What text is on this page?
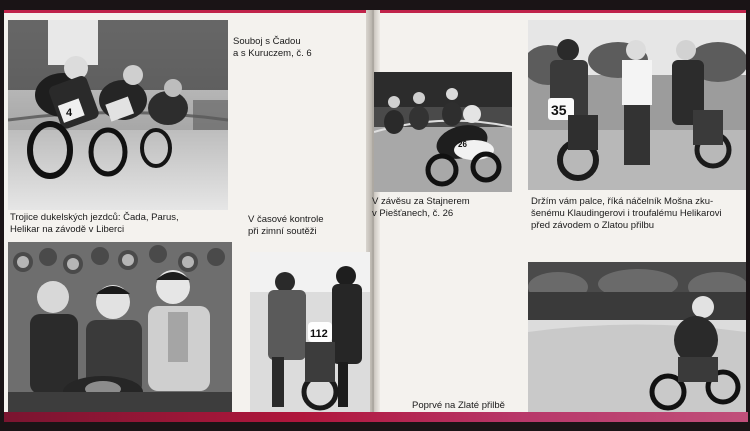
4
Souboj s Čadou
a s Kuruczem, č. 6
Trojice dukelských jezdců: Čada, Parus,
Helikar na závodě v Liberci
V časové kontrole
při zimní soutěži
112
26
V závěsu za Stajnerem
v Piešťanech, č. 26
Poprvé na Zlaté přilbě
35
Držím vám palce, říká náčelník Mošna zku-
šenému Klaudingerovi i troufalému Helikarovi
před závodem o Zlatou přilbu
